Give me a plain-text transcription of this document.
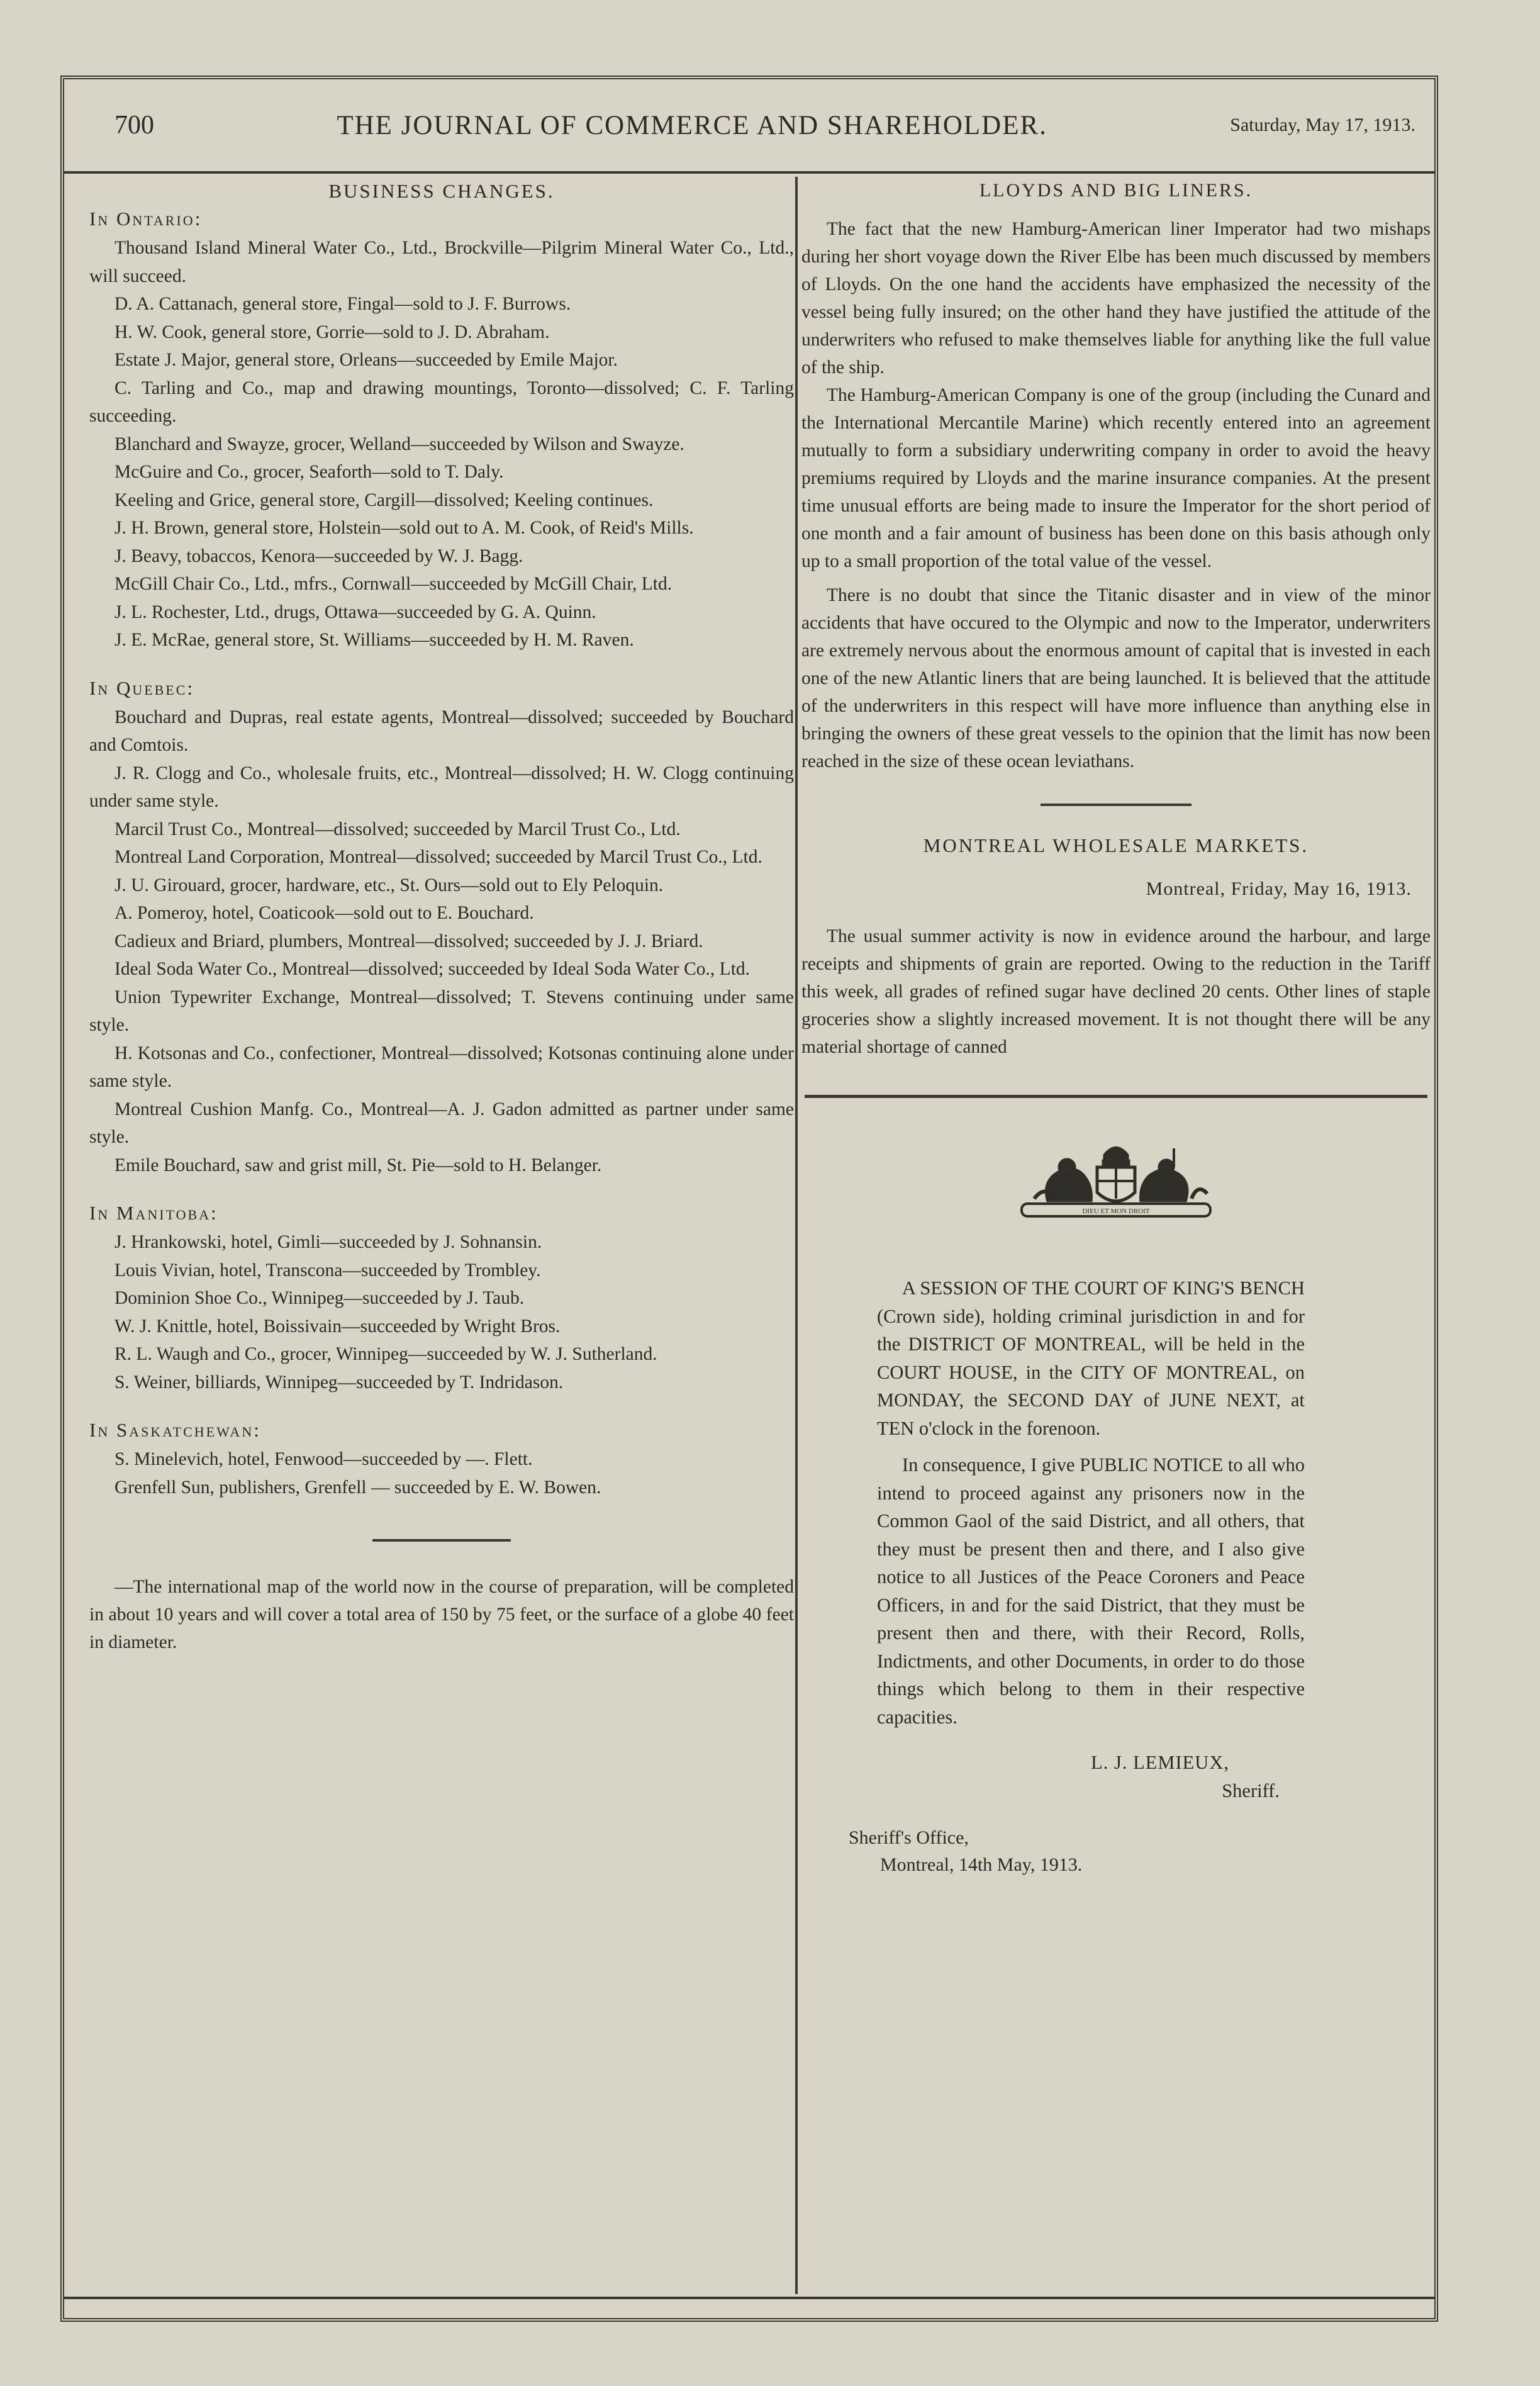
700	THE JOURNAL OF COMMERCE AND SHAREHOLDER.	Saturday, May 17, 1913.
BUSINESS CHANGES.

In Ontario:

Thousand Island Mineral Water Co., Ltd., Brockville—Pilgrim Mineral Water Co., Ltd., will succeed.

D. A. Cattanach, general store, Fingal—sold to J. F. Burrows.

H. W. Cook, general store, Gorrie—sold to J. D. Abraham.

Estate J. Major, general store, Orleans—succeeded by Emile Major.

C. Tarling and Co., map and drawing mountings, Toronto—dissolved; C. F. Tarling succeeding.

Blanchard and Swayze, grocer, Welland—succeeded by Wilson and Swayze.

McGuire and Co., grocer, Seaforth—sold to T. Daly.

Keeling and Grice, general store, Cargill—dissolved; Keeling continues.

J. H. Brown, general store, Holstein—sold out to A. M. Cook, of Reid's Mills.

J. Beavy, tobaccos, Kenora—succeeded by W. J. Bagg.

McGill Chair Co., Ltd., mfrs., Cornwall—succeeded by McGill Chair, Ltd.

J. L. Rochester, Ltd., drugs, Ottawa—succeeded by G. A. Quinn.

J. E. McRae, general store, St. Williams—succeeded by H. M. Raven.

In Quebec:

Bouchard and Dupras, real estate agents, Montreal—dissolved; succeeded by Bouchard and Comtois.

J. R. Clogg and Co., wholesale fruits, etc., Montreal—dissolved; H. W. Clogg continuing under same style.

Marcil Trust Co., Montreal—dissolved; succeeded by Marcil Trust Co., Ltd.

Montreal Land Corporation, Montreal—dissolved; succeeded by Marcil Trust Co., Ltd.

J. U. Girouard, grocer, hardware, etc., St. Ours—sold out to Ely Peloquin.

A. Pomeroy, hotel, Coaticook—sold out to E. Bouchard.

Cadieux and Briard, plumbers, Montreal—dissolved; succeeded by J. J. Briard.

Ideal Soda Water Co., Montreal—dissolved; succeeded by Ideal Soda Water Co., Ltd.

Union Typewriter Exchange, Montreal—dissolved; T. Stevens continuing under same style.

H. Kotsonas and Co., confectioner, Montreal—dissolved; Kotsonas continuing alone under same style.

Montreal Cushion Manfg. Co., Montreal—A. J. Gadon admitted as partner under same style.

Emile Bouchard, saw and grist mill, St. Pie—sold to H. Belanger.

In Manitoba:

J. Hrankowski, hotel, Gimli—succeeded by J. Sohnansin.

Louis Vivian, hotel, Transcona—succeeded by Trombley.

Dominion Shoe Co., Winnipeg—succeeded by J. Taub.

W. J. Knittle, hotel, Boissivain—succeeded by Wright Bros.

R. L. Waugh and Co., grocer, Winnipeg—succeeded by W. J. Sutherland.

S. Weiner, billiards, Winnipeg—succeeded by T. Indridason.

In Saskatchewan:

S. Minelevich, hotel, Fenwood—succeeded by —. Flett.

Grenfell Sun, publishers, Grenfell — succeeded by E. W. Bowen.

—The international map of the world now in the course of preparation, will be completed in about 10 years and will cover a total area of 150 by 75 feet, or the surface of a globe 40 feet in diameter.

LLOYDS AND BIG LINERS.

The fact that the new Hamburg-American liner Imperator had two mishaps during her short voyage down the River Elbe has been much discussed by members of Lloyds. On the one hand the accidents have emphasized the necessity of the vessel being fully insured; on the other hand they have justified the attitude of the underwriters who refused to make themselves liable for anything like the full value of the ship.

The Hamburg-American Company is one of the group (including the Cunard and the International Mercantile Marine) which recently entered into an agreement mutually to form a subsidiary underwriting company in order to avoid the heavy premiums required by Lloyds and the marine insurance companies. At the present time unusual efforts are being made to insure the Imperator for the short period of one month and a fair amount of business has been done on this basis athough only up to a small proportion of the total value of the vessel.

There is no doubt that since the Titanic disaster and in view of the minor accidents that have occured to the Olympic and now to the Imperator, underwriters are extremely nervous about the enormous amount of capital that is invested in each one of the new Atlantic liners that are being launched. It is believed that the attitude of the underwriters in this respect will have more influence than anything else in bringing the owners of these great vessels to the opinion that the limit has now been reached in the size of these ocean leviathans.

MONTREAL WHOLESALE MARKETS.

Montreal, Friday, May 16, 1913.

The usual summer activity is now in evidence around the harbour, and large receipts and shipments of grain are reported. Owing to the reduction in the Tariff this week, all grades of refined sugar have declined 20 cents. Other lines of staple groceries show a slightly increased movement. It is not thought there will be any material shortage of canned

DIEU ET MON DROIT

A SESSION OF THE COURT OF KING'S BENCH (Crown side), holding criminal jurisdiction in and for the DISTRICT OF MONTREAL, will be held in the COURT HOUSE, in the CITY OF MONTREAL, on MONDAY, the SECOND DAY of JUNE NEXT, at TEN o'clock in the forenoon.

In consequence, I give PUBLIC NOTICE to all who intend to proceed against any prisoners now in the Common Gaol of the said District, and all others, that they must be present then and there, and I also give notice to all Justices of the Peace Coroners and Peace Officers, in and for the said District, that they must be present then and there, with their Record, Rolls, Indictments, and other Documents, in order to do those things which belong to them in their respective capacities.

L. J. LEMIEUX,

Sheriff.

Sheriff's Office,

Montreal, 14th May, 1913.
